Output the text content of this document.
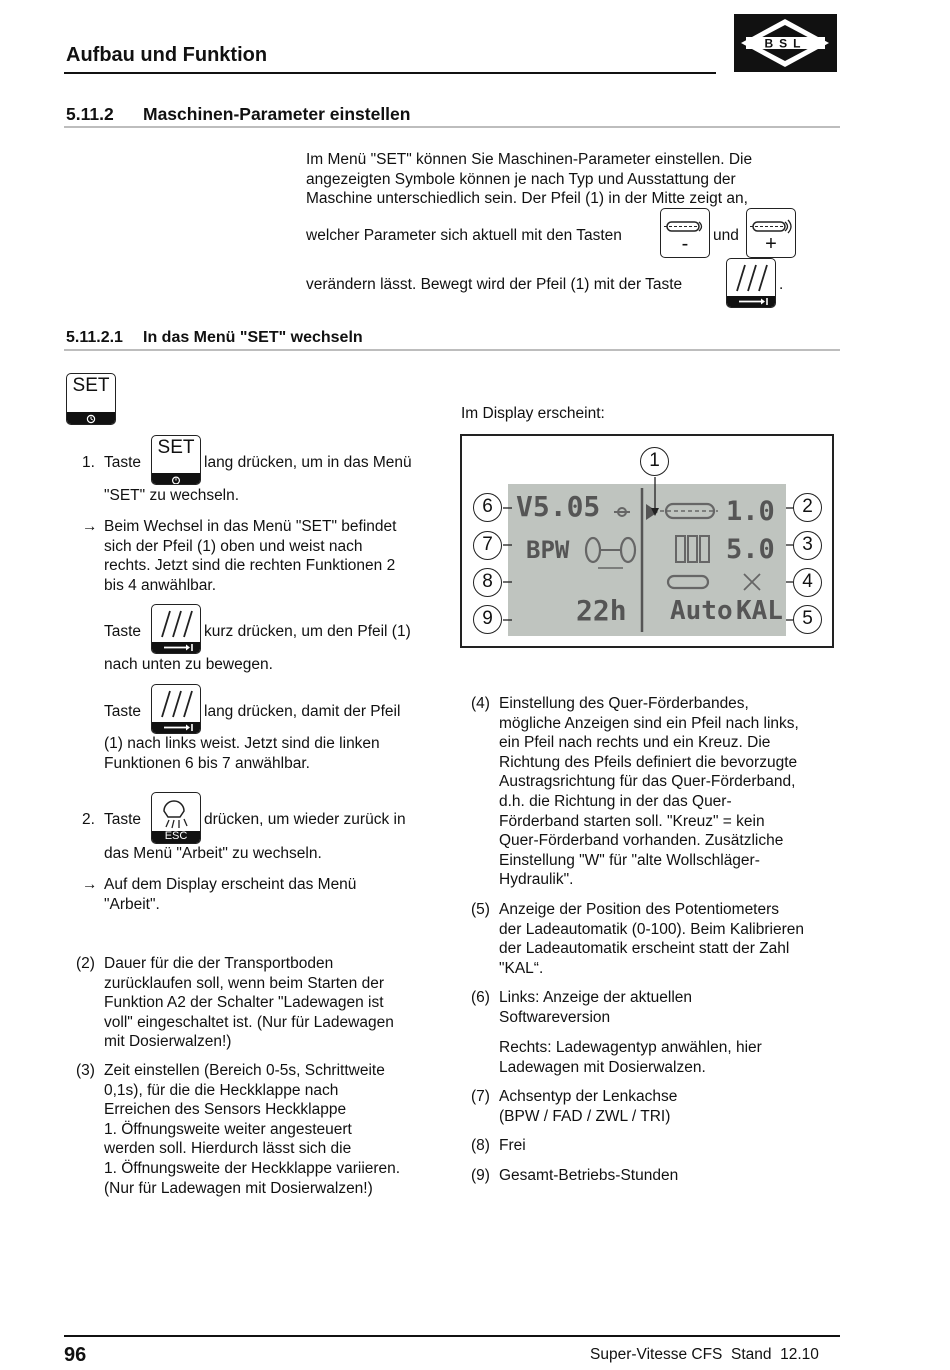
Aufbau und Funktion
BSL
5.11.2 Maschinen-Parameter einstellen
Im Menü "SET" können Sie Maschinen-Parameter einstellen. Die
angezeigten Symbole können je nach Typ und Ausstattung der
Maschine unterschiedlich sein. Der Pfeil (1) in der Mitte zeigt an,
welcher Parameter sich aktuell mit den Tasten	-	und	+
verändern lässt. Bewegt wird der Pfeil (1) mit der Taste	.
5.11.2.1 In das Menü "SET" wechseln
SET
1. Taste
SET
lang drücken, um in das Menü
"SET" zu wechseln.
→ Beim Wechsel in das Menü "SET" befindet
sich der Pfeil (1) oben und weist nach
rechts. Jetzt sind die rechten Funktionen 2
bis 4 anwählbar.
Taste	kurz drücken, um den Pfeil (1)
nach unten zu bewegen.
Taste	lang drücken, damit der Pfeil
(1) nach links weist. Jetzt sind die linken
Funktionen 6 bis 7 anwählbar.
2. Taste
ESC
drücken, um wieder zurück in
das Menü "Arbeit" zu wechseln.
→ Auf dem Display erscheint das Menü
"Arbeit".
(2) Dauer für die der Transportboden
zurücklaufen soll, wenn beim Starten der
Funktion A2 der Schalter "Ladewagen ist
voll" eingeschaltet ist. (Nur für Ladewagen
mit Dosierwalzen!)
(3) Zeit einstellen (Bereich 0-5s, Schrittweite
0,1s), für die die Heckklappe nach
Erreichen des Sensors Heckklappe
1. Öffnungsweite weiter angesteuert
werden soll. Hierdurch lässt sich die
1. Öffnungsweite der Heckklappe variieren.
(Nur für Ladewagen mit Dosierwalzen!)
Im Display erscheint:
V5.05
BPW
22h
1.0
5.0
Auto KAL
1
2
3
4
5
6
7
8
9
(4) Einstellung des Quer-Förderbandes,
mögliche Anzeigen sind ein Pfeil nach links,
ein Pfeil nach rechts und ein Kreuz. Die
Richtung des Pfeils definiert die bevorzugte
Austragsrichtung für das Quer-Förderband,
d.h. die Richtung in der das Quer-
Förderband starten soll. "Kreuz" = kein
Quer-Förderband vorhanden. Zusätzliche
Einstellung "W" für "alte Wollschläger-
Hydraulik".
(5) Anzeige der Position des Potentiometers
der Ladeautomatik (0-100). Beim Kalibrieren
der Ladeautomatik erscheint statt der Zahl
"KAL“.
(6) Links: Anzeige der aktuellen
Softwareversion
Rechts: Ladewagentyp anwählen, hier
Ladewagen mit Dosierwalzen.
(7) Achsentyp der Lenkachse
(BPW / FAD / ZWL / TRI)
(8) Frei
(9) Gesamt-Betriebs-Stunden
96	Super-Vitesse CFS  Stand  12.10
